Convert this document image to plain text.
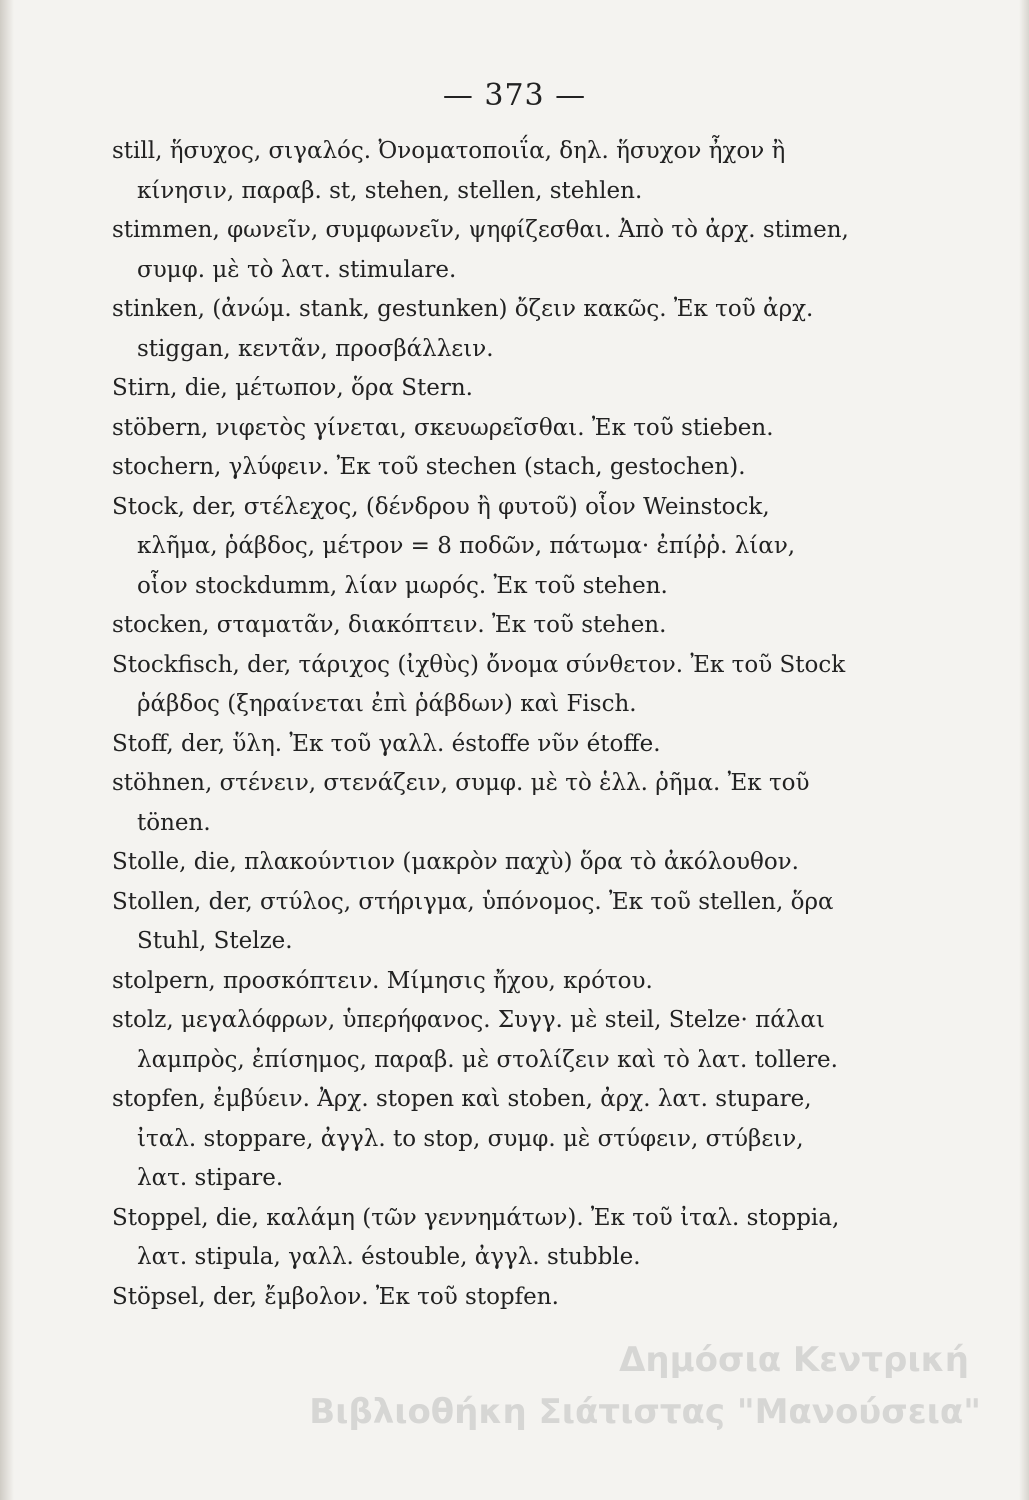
— 373 —

still, ἥσυχος, σιγαλός. Ὀνοματοποιΐα, δηλ. ἥσυχον ἦχον ἢ κίνησιν, παραβ. st, stehen, stellen, stehlen.

stimmen, φωνεῖν, συμφωνεῖν, ψηφίζεσθαι. Ἀπὸ τὸ ἀρχ. stimen, συμφ. μὲ τὸ λατ. stimulare.

stinken, (ἀνώμ. stank, gestunken) ὄζειν κακῶς. Ἐκ τοῦ ἀρχ. stiggan, κεντᾶν, προσβάλλειν.

Stirn, die, μέτωπον, ὅρα Stern.

stöbern, νιφετὸς γίνεται, σκευωρεῖσθαι. Ἐκ τοῦ stieben.

stochern, γλύφειν. Ἐκ τοῦ stechen (stach, gestochen).

Stock, der, στέλεχος, (δένδρου ἢ φυτοῦ) οἷον Weinstock, κλῆμα, ῥάβδος, μέτρον = 8 ποδῶν, πάτωμα· ἐπίῤῥ. λίαν, οἷον stockdumm, λίαν μωρός. Ἐκ τοῦ stehen.

stocken, σταματᾶν, διακόπτειν. Ἐκ τοῦ stehen.

Stockfisch, der, τάριχος (ἰχθὺς) ὄνομα σύνθετον. Ἐκ τοῦ Stock ῥάβδος (ξηραίνεται ἐπὶ ῥάβδων) καὶ Fisch.

Stoff, der, ὕλη. Ἐκ τοῦ γαλλ. éstoffe νῦν étoffe.

stöhnen, στένειν, στενάζειν, συμφ. μὲ τὸ ἑλλ. ῥῆμα. Ἐκ τοῦ tönen.

Stolle, die, πλακούντιον (μακρὸν παχὺ) ὅρα τὸ ἀκόλουθον.

Stollen, der, στύλος, στήριγμα, ὑπόνομος. Ἐκ τοῦ stellen, ὅρα Stuhl, Stelze.

stolpern, προσκόπτειν. Μίμησις ἤχου, κρότου.

stolz, μεγαλόφρων, ὑπερήφανος. Συγγ. μὲ steil, Stelze· πάλαι λαμπρὸς, ἐπίσημος, παραβ. μὲ στολίζειν καὶ τὸ λατ. tollere.

stopfen, ἐμβύειν. Ἀρχ. stopen καὶ stoben, ἀρχ. λατ. stupare, ἰταλ. stoppare, ἀγγλ. to stop, συμφ. μὲ στύφειν, στύβειν, λατ. stipare.

Stoppel, die, καλάμη (τῶν γεννημάτων). Ἐκ τοῦ ἰταλ. stoppia, λατ. stipula, γαλλ. éstouble, ἀγγλ. stubble.

Stöpsel, der, ἔμβολον. Ἐκ τοῦ stopfen.

Δημόσια Κεντρική
Βιβλιοθήκη Σιάτιστας "Μανούσεια"
